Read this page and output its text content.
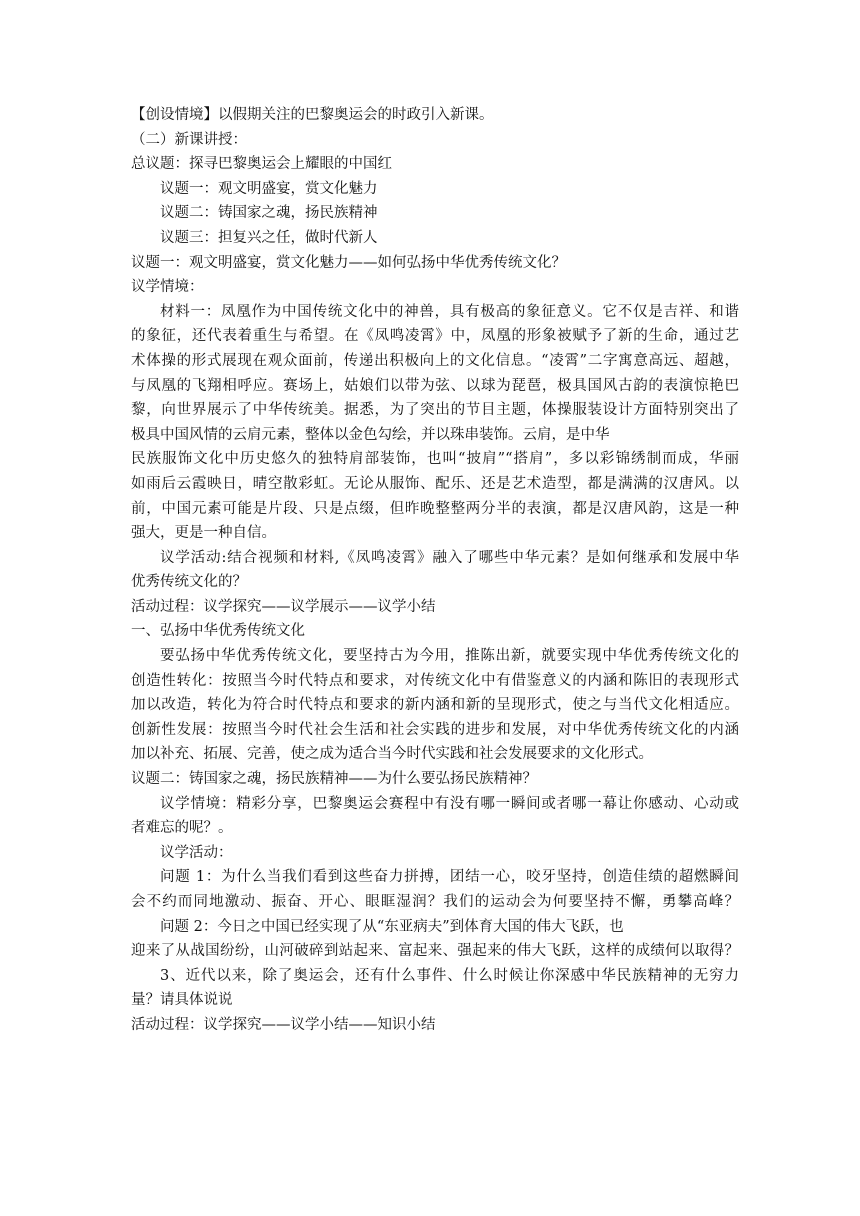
【创设情境】以假期关注的巴黎奥运会的时政引入新课。
（二）新课讲授：
总议题：探寻巴黎奥运会上耀眼的中国红
议题一：观文明盛宴，赏文化魅力
议题二：铸国家之魂，扬民族精神
议题三：担复兴之任，做时代新人
议题一：观文明盛宴，赏文化魅力——如何弘扬中华优秀传统文化？
议学情境：
材料一：凤凰作为中国传统文化中的神兽，具有极高的象征意义。它不仅是吉祥、和谐
的象征，还代表着重生与希望。在《凤鸣凌霄》中，凤凰的形象被赋予了新的生命，通过艺
术体操的形式展现在观众面前，传递出积极向上的文化信息。“凌霄”二字寓意高远、超越，
与凤凰的飞翔相呼应。赛场上，姑娘们以带为弦、以球为琵琶，极具国风古韵的表演惊艳巴
黎，向世界展示了中华传统美。据悉，为了突出的节目主题，体操服装设计方面特别突出了
极具中国风情的云肩元素，整体以金色勾绘，并以珠串装饰。云肩，是中华
民族服饰文化中历史悠久的独特肩部装饰，也叫“披肩”“搭肩”，多以彩锦绣制而成，华丽
如雨后云霞映日，晴空散彩虹。无论从服饰、配乐、还是艺术造型，都是满满的汉唐风。以
前，中国元素可能是片段、只是点缀，但昨晚整整两分半的表演，都是汉唐风韵，这是一种
强大，更是一种自信。
议学活动:结合视频和材料,《凤鸣凌霄》融入了哪些中华元素？是如何继承和发展中华
优秀传统文化的？
活动过程：议学探究——议学展示——议学小结
一、弘扬中华优秀传统文化
要弘扬中华优秀传统文化，要坚持古为今用，推陈出新，就要实现中华优秀传统文化的
创造性转化：按照当今时代特点和要求，对传统文化中有借鉴意义的内涵和陈旧的表现形式
加以改造，转化为符合时代特点和要求的新内涵和新的呈现形式，使之与当代文化相适应。
创新性发展：按照当今时代社会生活和社会实践的进步和发展，对中华优秀传统文化的内涵
加以补充、拓展、完善，使之成为适合当今时代实践和社会发展要求的文化形式。
议题二：铸国家之魂，扬民族精神——为什么要弘扬民族精神？
议学情境：精彩分享，巴黎奥运会赛程中有没有哪一瞬间或者哪一幕让你感动、心动或
者难忘的呢？。
议学活动：
问题 1：为什么当我们看到这些奋力拼搏，团结一心，咬牙坚持，创造佳绩的超燃瞬间
会不约而同地激动、振奋、开心、眼眶湿润？我们的运动会为何要坚持不懈，勇攀高峰？
问题 2：今日之中国已经实现了从“东亚病夫”到体育大国的伟大飞跃，也
迎来了从战国纷纷，山河破碎到站起来、富起来、强起来的伟大飞跃，这样的成绩何以取得？
3、近代以来，除了奥运会，还有什么事件、什么时候让你深感中华民族精神的无穷力
量？请具体说说
活动过程：议学探究——议学小结——知识小结
